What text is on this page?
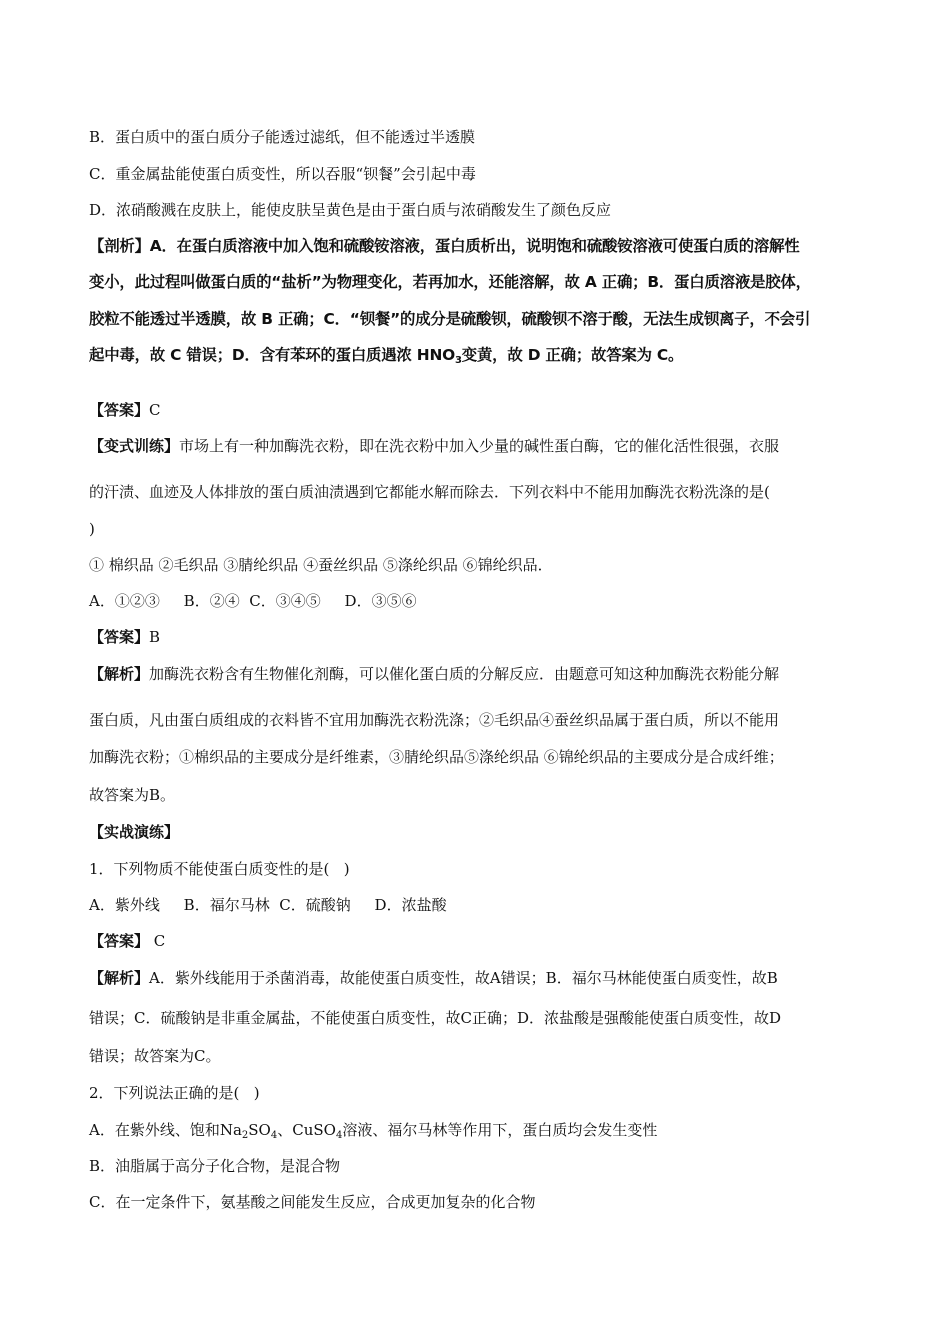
B．蛋白质中的蛋白质分子能透过滤纸，但不能透过半透膜
C．重金属盐能使蛋白质变性，所以吞服“钡餐”会引起中毒
D．浓硝酸溅在皮肤上，能使皮肤呈黄色是由于蛋白质与浓硝酸发生了颜色反应
【剖析】A．在蛋白质溶液中加入饱和硫酸铵溶液，蛋白质析出，说明饱和硫酸铵溶液可使蛋白质的溶解性
变小，此过程叫做蛋白质的“盐析”为物理变化，若再加水，还能溶解，故 A 正确；B．蛋白质溶液是胶体，
胶粒不能透过半透膜，故 B 正确；C．“钡餐”的成分是硫酸钡，硫酸钡不溶于酸，无法生成钡离子，不会引
起中毒，故 C 错误；D．含有苯环的蛋白质遇浓 $HNO_3$变黄，故 D 正确；故答案为 C。
【答案】C
【变式训练】市场上有一种加酶洗衣粉，即在洗衣粉中加入少量的碱性蛋白酶，它的催化活性很强，衣服
的汗渍、血迹及人体排放的蛋白质油渍遇到它都能水解而除去．下列衣料中不能用加酶洗衣粉洗涤的是(
)
① 棉织品 ②毛织品 ③腈纶织品 ④蚕丝织品 ⑤涤纶织品 ⑥锦纶织品．
A．①②③     B．②④  C．③④⑤     D．③⑤⑥
【答案】B
【解析】加酶洗衣粉含有生物催化剂酶，可以催化蛋白质的分解反应．由题意可知这种加酶洗衣粉能分解
蛋白质，凡由蛋白质组成的衣料皆不宜用加酶洗衣粉洗涤；②毛织品④蚕丝织品属于蛋白质，所以不能用
加酶洗衣粉；①棉织品的主要成分是纤维素，③腈纶织品⑤涤纶织品 ⑥锦纶织品的主要成分是合成纤维；
故答案为B。
【实战演练】
1．下列物质不能使蛋白质变性的是(   )
A．紫外线     B．福尔马林  C．硫酸钠     D．浓盐酸
【答案】 C
【解析】A．紫外线能用于杀菌消毒，故能使蛋白质变性，故A错误；B．福尔马林能使蛋白质变性，故B
错误；C．硫酸钠是非重金属盐，不能使蛋白质变性，故C正确；D．浓盐酸是强酸能使蛋白质变性，故D
错误；故答案为C。
2．下列说法正确的是(   )
A．在紫外线、饱和$Na_2SO_4$、CuSO$_4$溶液、福尔马林等作用下，蛋白质均会发生变性
B．油脂属于高分子化合物，是混合物
C．在一定条件下，氨基酸之间能发生反应，合成更加复杂的化合物
